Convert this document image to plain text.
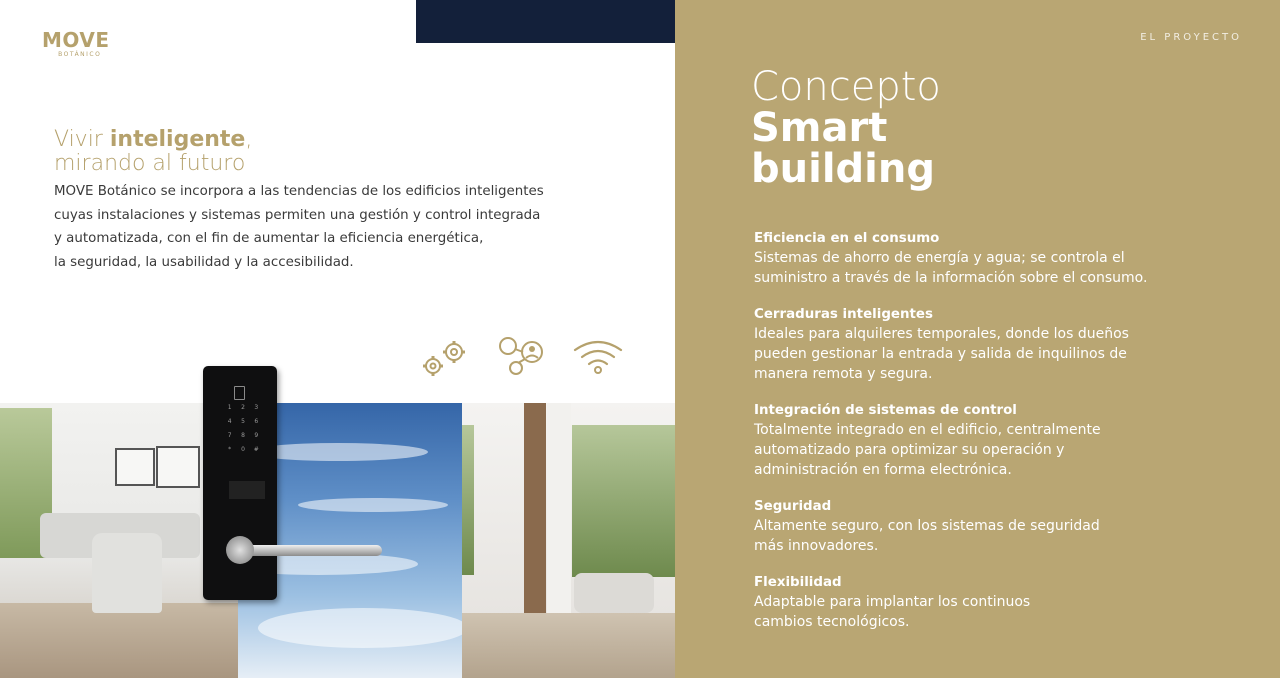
MOVE
BOTÁNICO
Vivir inteligente,
mirando al futuro
MOVE Botánico se incorpora a las tendencias de los edificios inteligentes
cuyas instalaciones y sistemas permiten una gestión y control integrada
y automatizada, con el fin de aumentar la eficiencia energética,
la seguridad, la usabilidad y la accesibilidad.
1	2	3
4	5	6
7	8	9
*	0	#
EL PROYECTO
Concepto
Smart
building
Eficiencia en el consumo
Sistemas de ahorro de energía y agua; se controla el
suministro a través de la información sobre el consumo.
Cerraduras inteligentes
Ideales para alquileres temporales, donde los dueños
pueden gestionar la entrada y salida de inquilinos de
manera remota y segura.
Integración de sistemas de control
Totalmente integrado en el edificio, centralmente
automatizado para optimizar su operación y
administración en forma electrónica.
Seguridad
Altamente seguro, con los sistemas de seguridad
más innovadores.
Flexibilidad
Adaptable para implantar los continuos
cambios tecnológicos.
